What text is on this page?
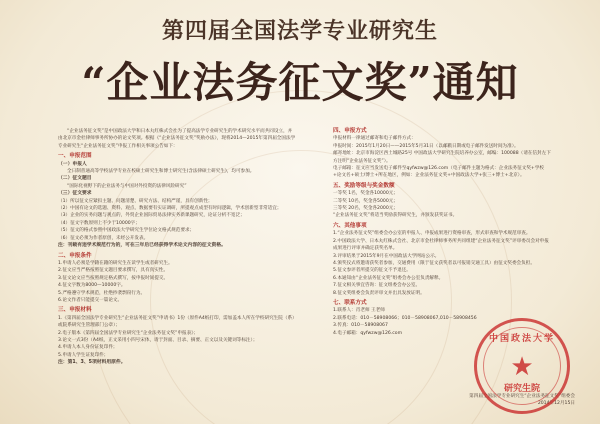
第四届全国法学专业研究生
“企业法务征文奖”通知
“企业法务征文奖”是中国政法大学和日本丸红株式会社为了提高法学专业研究生的学术研究水平而共同设立，并由北京市金杜律师事务所协办的论文奖项。根据《“企业法务征文奖”奖励办法》，现将2014—2015年第四届全国法学专业研究生“企业法务征文奖”申报工作相关事项公告如下：
一、申报范围
（一）申报人
全日制普通高等学校法学专业在校硕士研究生和博士研究生(含法律硕士研究生)，均可参加。
（二）征文题目
“国际化视野下的企业法务与中国对外投资的法律风险研究”
（三）征文要求
（1）所以征文应紧扣主题、问题清楚、研究方法、结构严谨，具有创新性；
（2）中国有论文的选题、资料、观点、数据要有实证调研，所提观点成型有时间逻辑，学术创新型非常适宜；
（3）企业的实务问题与观点的，外贸企业国际贸易法律实务新课题研究，论证分析不宽泛；
（4）征文字数原则上不少于10000字；
（5）征文的格式参照中国政法大学研究生学位论文格式规范要求；
（6）征文必须为作者原创，未经公开发表。
注：刊载有违学术规范行为的，可在三年后已经获得学术论文内容的征文资格。
二、申报条件
1.申请人必须是学籍在籍的研究生在读学生或者研究生。
2.征文应当严格按照征文题目要求撰写，具有真实性。
3.征文论文应当按照规定格式撰写，按申报时间提交。
4.征文字数为8000—10000字。
5.严格遵守学术规范，杜绝抄袭剽窃行为。
6.论文作者只能提交一篇论文。
三、申报材料
1.《第四届全国法学专业研究生“企业法务征文奖”申请书》1份（原件A4纸打印，需加盖本人所在学校研究生院（系）或院系研究生管理部门公章）；
2.电子版本《第四届全国法学专业研究生“企业法务征文奖”申报表》；
3.论文一式3份（A4纸，正文采用小四号宋体，请于封面、目录、摘要、正文以及关键词等标注）；
4.申请人本人身份证复印件；
5.申请人学生证复印件；
注：第1、3、5项材料用原件。
四、申报方式
申报材料一律通过邮寄和电子邮件方式：
申报时间：2015年1月20日——2015年5月31日（以邮戳日期或电子邮件发送时间为准）。
邮寄地址：北京市海淀区西土城路25号 中国政法大学研究生院培养办公室，邮编：100088（请在信封左下方注明“企业法务征文奖”）。
电子邮箱：征文应当发送电子邮件至qyfwzw@126.com（电子邮件主题为格式：企业法务征文奖+学校+论文名+硕士/博士+所在地区，例如：企业法务征文奖+中国政法大学+张三+博士+北京）。
五、奖励等级与奖金数额
一等奖 1名，奖金各10000元；
二等奖 10名，奖金各5000元；
三等奖 20名，奖金各2000元；
“企业法务征文奖”将适当奖励获得研究生，并颁发获奖证书。
六、其他事项
1.“企业法务征文奖”组委会办公室的申报人、申报成果进行资格审查，形式审查和学术规范审查。
2.中国政法大学、日本丸红株式会社、北京市金杜律师事务所共同组建“企业法务征文奖”评审委员会对申报成果进行评审并确定获奖名单。
3.评审结果于2015年9月在中国政法大学网站公示。
4.颁奖仪式将邀请获奖者参加，交通费用（限于征文获奖者以可报销交通工具）由征文奖委会负担。
5.征文参评者所提交的征文不予退还。
6.本通知由“企业法务征文奖”组委会办公室负责解释。
7.征文相关事宜咨询：征文组委会办公室。
8.征文奖组委会负责评审文并出具发放证明。
七、联系方式
1.联系人：肖老师 王老师
2.联系电话：010－58908066；010－58908067,010－58908456
3.传真：010－58908067
4.电子邮箱：qyfwzw@126.com
第四届全国法学专业研究生“企业法务征文奖”组委会
2014年12月15日
中国政法大学
★
研究生院
